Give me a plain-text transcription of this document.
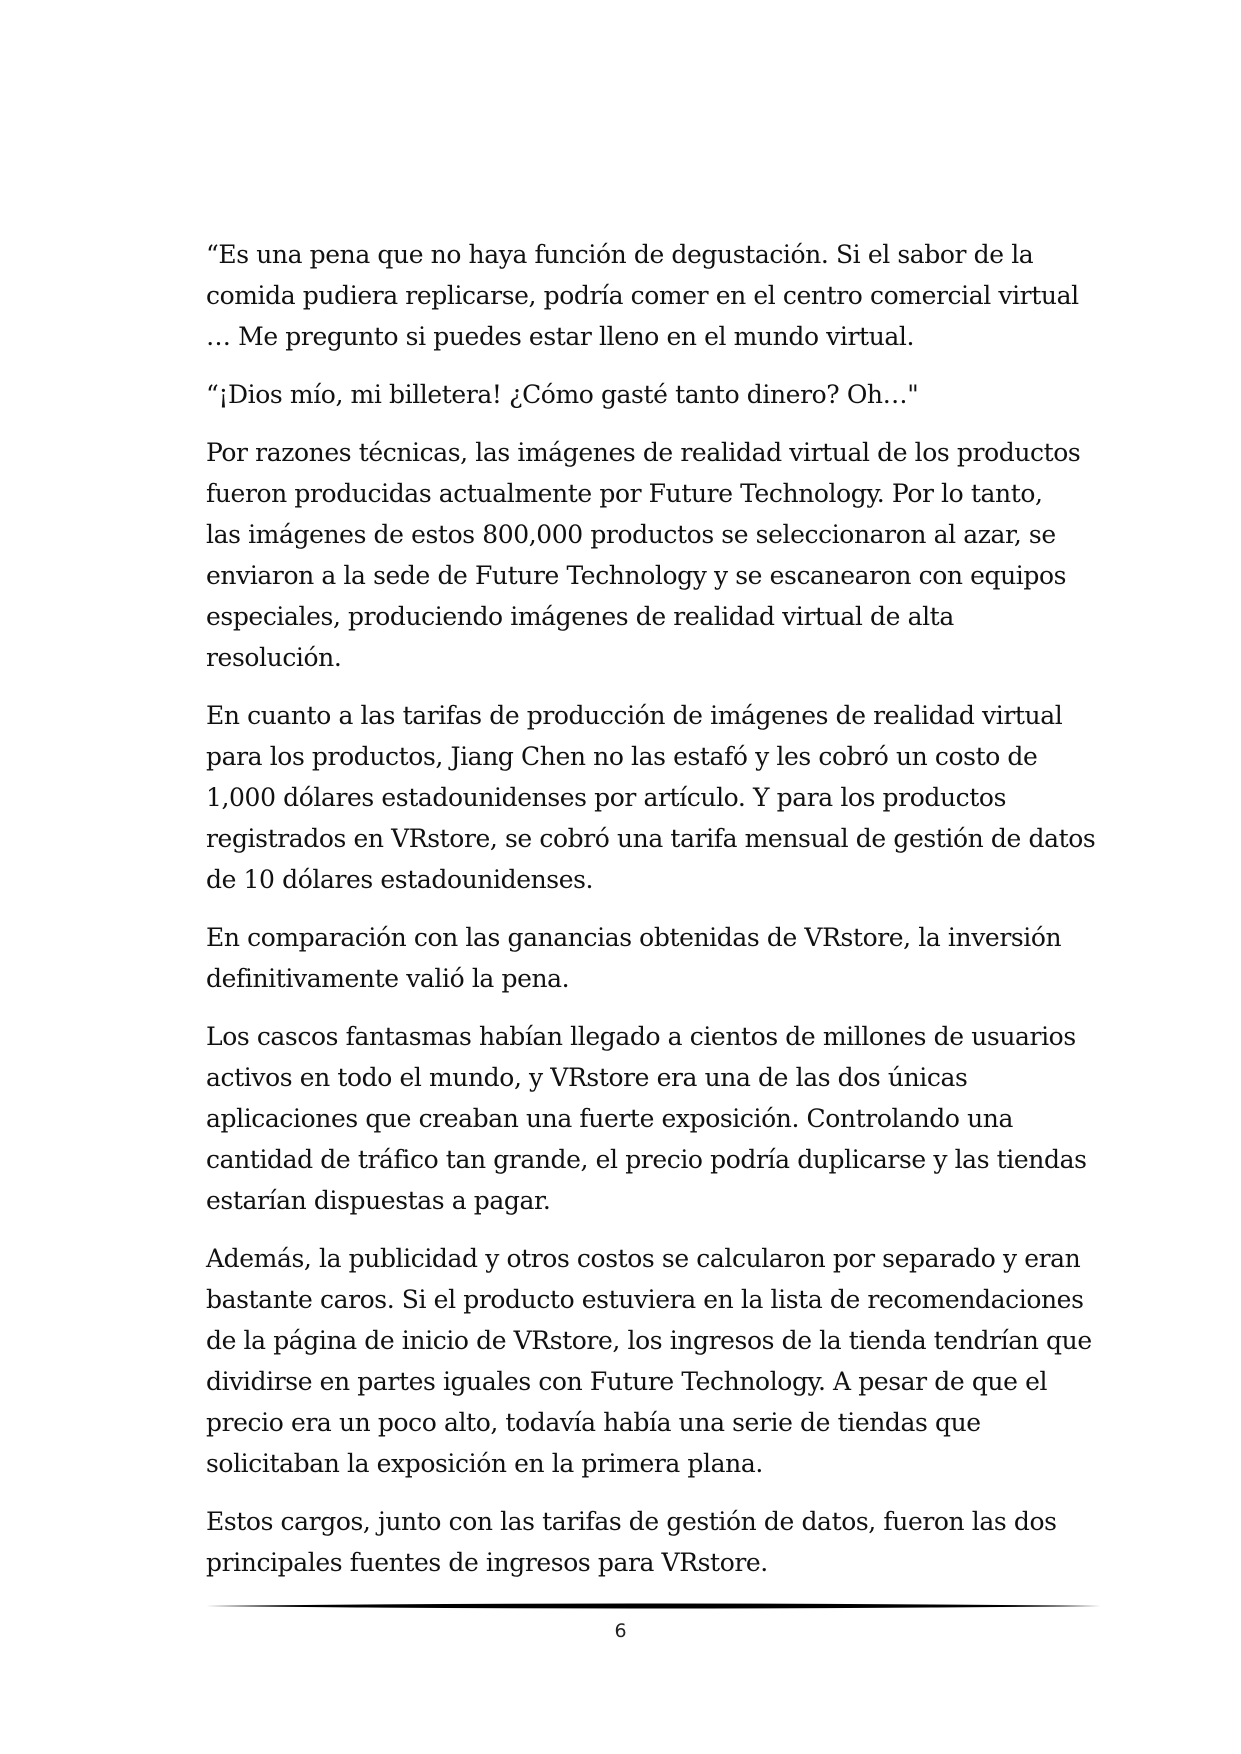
“Es una pena que no haya función de degustación. Si el sabor de la
comida pudiera replicarse, podría comer en el centro comercial virtual
… Me pregunto si puedes estar lleno en el mundo virtual.

“¡Dios mío, mi billetera! ¿Cómo gasté tanto dinero? Oh…"

Por razones técnicas, las imágenes de realidad virtual de los productos
fueron producidas actualmente por Future Technology. Por lo tanto,
las imágenes de estos 800,000 productos se seleccionaron al azar, se
enviaron a la sede de Future Technology y se escanearon con equipos
especiales, produciendo imágenes de realidad virtual de alta
resolución.

En cuanto a las tarifas de producción de imágenes de realidad virtual
para los productos, Jiang Chen no las estafó y les cobró un costo de
1,000 dólares estadounidenses por artículo. Y para los productos
registrados en VRstore, se cobró una tarifa mensual de gestión de datos
de 10 dólares estadounidenses.

En comparación con las ganancias obtenidas de VRstore, la inversión
definitivamente valió la pena.

Los cascos fantasmas habían llegado a cientos de millones de usuarios
activos en todo el mundo, y VRstore era una de las dos únicas
aplicaciones que creaban una fuerte exposición. Controlando una
cantidad de tráfico tan grande, el precio podría duplicarse y las tiendas
estarían dispuestas a pagar.

Además, la publicidad y otros costos se calcularon por separado y eran
bastante caros. Si el producto estuviera en la lista de recomendaciones
de la página de inicio de VRstore, los ingresos de la tienda tendrían que
dividirse en partes iguales con Future Technology. A pesar de que el
precio era un poco alto, todavía había una serie de tiendas que
solicitaban la exposición en la primera plana.

Estos cargos, junto con las tarifas de gestión de datos, fueron las dos
principales fuentes de ingresos para VRstore.

6
